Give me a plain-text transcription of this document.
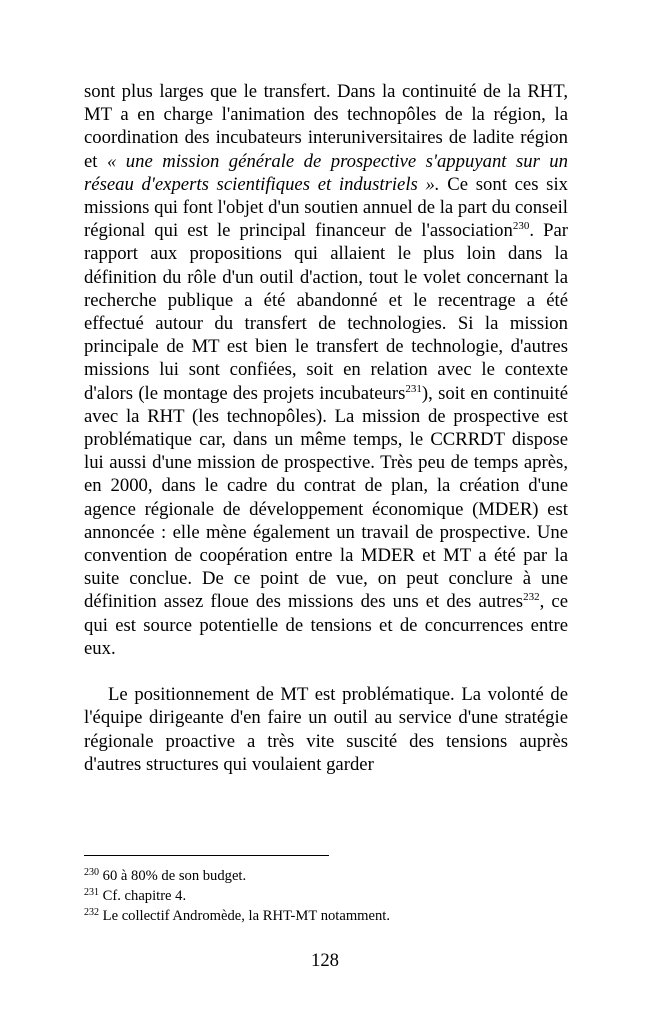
sont plus larges que le transfert. Dans la continuité de la RHT, MT a en charge l'animation des technopôles de la région, la coordination des incubateurs interuniversitaires de ladite région et « une mission générale de prospective s'appuyant sur un réseau d'experts scientifiques et industriels ». Ce sont ces six missions qui font l'objet d'un soutien annuel de la part du conseil régional qui est le principal financeur de l'association$^{230}$. Par rapport aux propositions qui allaient le plus loin dans la définition du rôle d'un outil d'action, tout le volet concernant la recherche publique a été abandonné et le recentrage a été effectué autour du transfert de technologies. Si la mission principale de MT est bien le transfert de technologie, d'autres missions lui sont confiées, soit en relation avec le contexte d'alors (le montage des projets incubateurs$^{231}$), soit en continuité avec la RHT (les technopôles). La mission de prospective est problématique car, dans un même temps, le CCRRDT dispose lui aussi d'une mission de prospective. Très peu de temps après, en 2000, dans le cadre du contrat de plan, la création d'une agence régionale de développement économique (MDER) est annoncée : elle mène également un travail de prospective. Une convention de coopération entre la MDER et MT a été par la suite conclue. De ce point de vue, on peut conclure à une définition assez floue des missions des uns et des autres$^{232}$, ce qui est source potentielle de tensions et de concurrences entre eux.

Le positionnement de MT est problématique. La volonté de l'équipe dirigeante d'en faire un outil au service d'une stratégie régionale proactive a très vite suscité des tensions auprès d'autres structures qui voulaient garder

$^{230}$ 60 à 80% de son budget.
$^{231}$ Cf. chapitre 4.
$^{232}$ Le collectif Andromède, la RHT-MT notamment.
128
